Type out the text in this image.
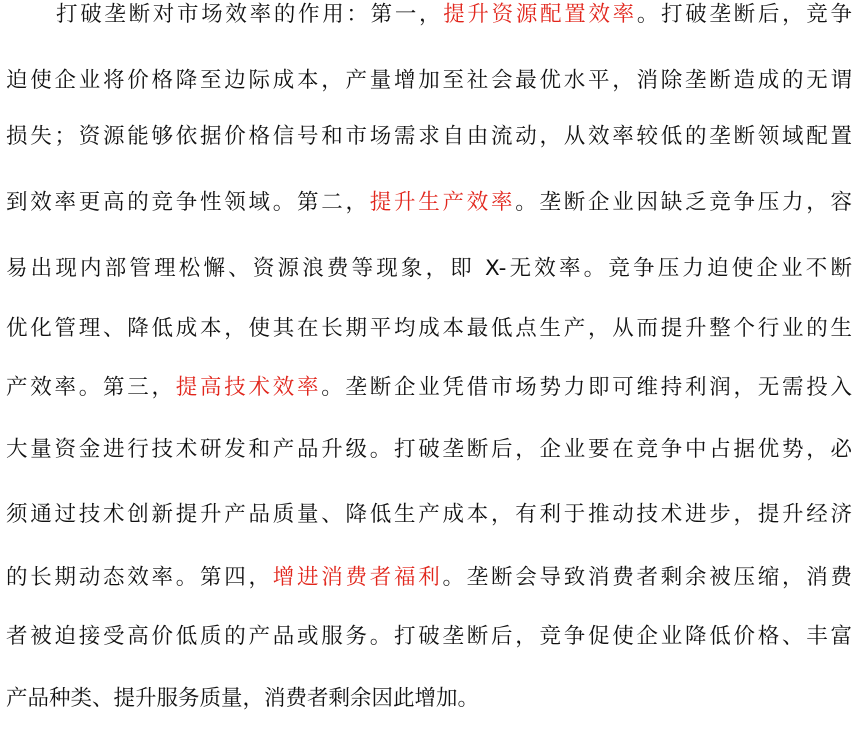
打破垄断对市场效率的作用：第一，提升资源配置效率。打破垄断后，竞争
迫使企业将价格降至边际成本，产量增加至社会最优水平，消除垄断造成的无谓
损失；资源能够依据价格信号和市场需求自由流动，从效率较低的垄断领域配置
到效率更高的竞争性领域。第二，提升生产效率。垄断企业因缺乏竞争压力，容
易出现内部管理松懈、资源浪费等现象，即 X-无效率。竞争压力迫使企业不断
优化管理、降低成本，使其在长期平均成本最低点生产，从而提升整个行业的生
产效率。第三，提高技术效率。垄断企业凭借市场势力即可维持利润，无需投入
大量资金进行技术研发和产品升级。打破垄断后，企业要在竞争中占据优势，必
须通过技术创新提升产品质量、降低生产成本，有利于推动技术进步，提升经济
的长期动态效率。第四，增进消费者福利。垄断会导致消费者剩余被压缩，消费
者被迫接受高价低质的产品或服务。打破垄断后，竞争促使企业降低价格、丰富
产品种类、提升服务质量，消费者剩余因此增加。
